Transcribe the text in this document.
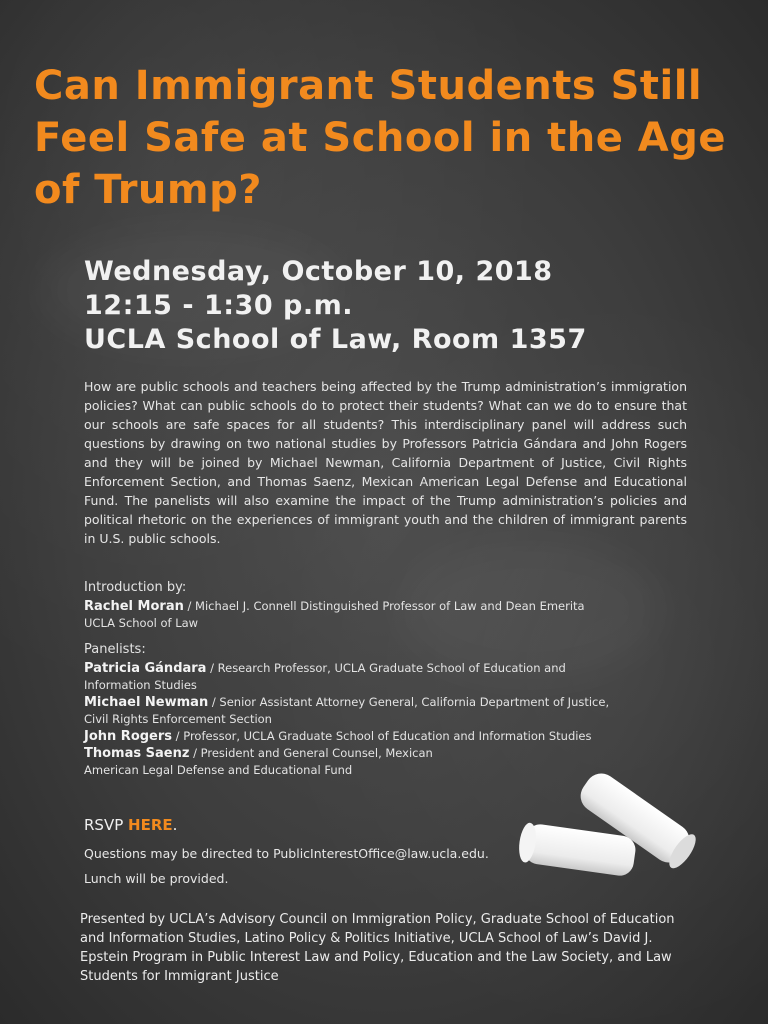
Can Immigrant Students Still Feel Safe at School in the Age of Trump?
Wednesday, October 10, 2018
12:15 - 1:30 p.m.
UCLA School of Law, Room 1357

How are public schools and teachers being affected by the Trump administration’s immigration policies? What can public schools do to protect their students? What can we do to ensure that our schools are safe spaces for all students? This interdisciplinary panel will address such questions by drawing on two national studies by Professors Patricia Gándara and John Rogers and they will be joined by Michael Newman, California Department of Justice, Civil Rights Enforcement Section, and Thomas Saenz, Mexican American Legal Defense and Educational Fund. The panelists will also examine the impact of the Trump administration’s policies and political rhetoric on the experiences of immigrant youth and the children of immigrant parents in U.S. public schools.

Introduction by:
Rachel Moran / Michael J. Connell Distinguished Professor of Law and Dean Emerita
UCLA School of Law
Panelists:
Patricia Gándara / Research Professor, UCLA Graduate School of Education and
Information Studies
Michael Newman / Senior Assistant Attorney General, California Department of Justice,
Civil Rights Enforcement Section
John Rogers / Professor, UCLA Graduate School of Education and Information Studies
Thomas Saenz / President and General Counsel, Mexican
American Legal Defense and Educational Fund
RSVP HERE.
Questions may be directed to PublicInterestOffice@law.ucla.edu.
Lunch will be provided.

Presented by UCLA’s Advisory Council on Immigration Policy, Graduate School of Education and Information Studies, Latino Policy & Politics Initiative, UCLA School of Law’s David J. Epstein Program in Public Interest Law and Policy, Education and the Law Society, and Law Students for Immigrant Justice
